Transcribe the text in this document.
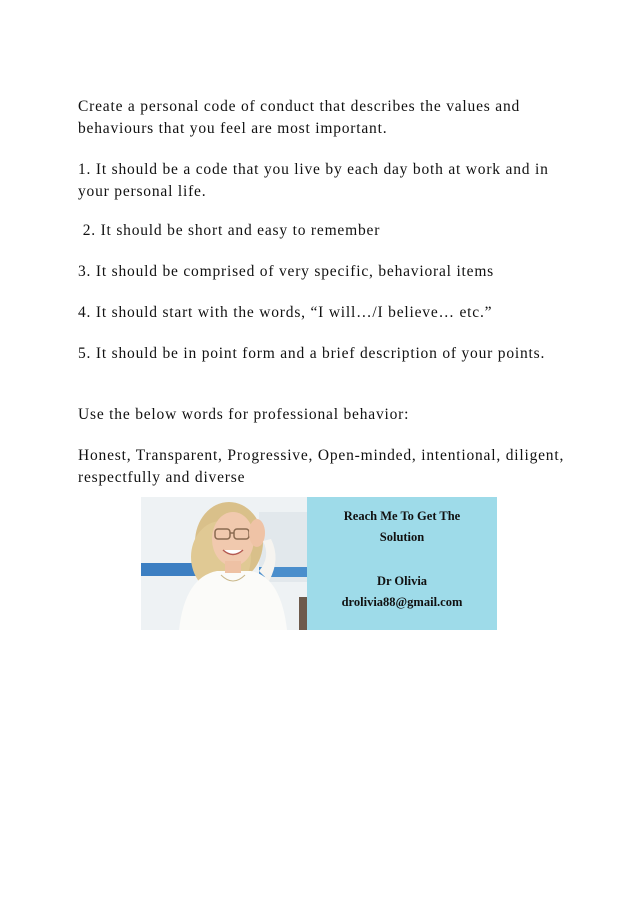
Create a personal code of conduct that describes the values and behaviours that you feel are most important.

1. It should be a code that you live by each day both at work and in your personal life.

2. It should be short and easy to remember

3. It should be comprised of very specific, behavioral items

4. It should start with the words, “I will…/I believe… etc.”

5. It should be in point form and a brief description of your points.

Use the below words for professional behavior:

Honest, Transparent, Progressive, Open-minded, intentional, diligent, respectfully and diverse

Reach Me To Get The

Solution

Dr Olivia

drolivia88@gmail.com
